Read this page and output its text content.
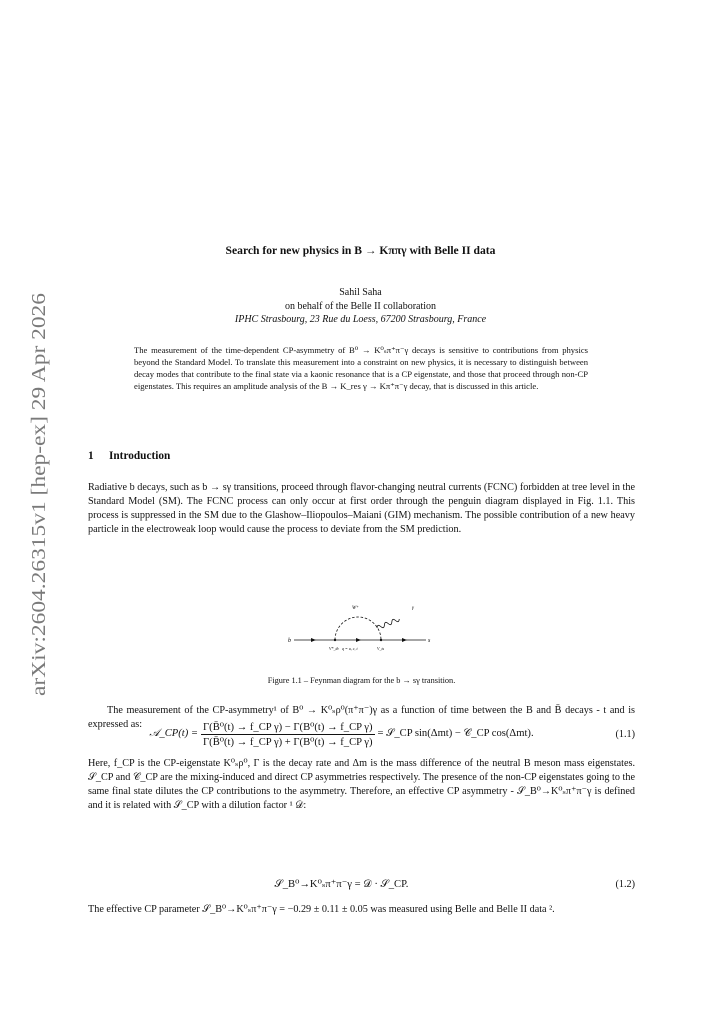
arXiv:2604.26315v1 [hep-ex] 29 Apr 2026
Search for new physics in B → Kππγ with Belle II data
Sahil Saha
on behalf of the Belle II collaboration
IPHC Strasbourg, 23 Rue du Loess, 67200 Strasbourg, France
The measurement of the time-dependent CP-asymmetry of B⁰ → K⁰ₛπ⁺π⁻γ decays is sensitive to contributions from physics beyond the Standard Model. To translate this measurement into a constraint on new physics, it is necessary to distinguish between decay modes that contribute to the final state via a kaonic resonance that is a CP eigenstate, and those that proceed through non-CP eigenstates. This requires an amplitude analysis of the B → K_res γ → Kπ⁺π⁻γ decay, that is discussed in this article.
1 Introduction
Radiative b decays, such as b → sγ transitions, proceed through flavor-changing neutral currents (FCNC) forbidden at tree level in the Standard Model (SM). The FCNC process can only occur at first order through the penguin diagram displayed in Fig. 1.1. This process is suppressed in the SM due to the Glashow–Iliopoulos–Maiani (GIM) mechanism. The possible contribution of a new heavy particle in the electroweak loop would cause the process to deviate from the SM prediction.
b	s
W⁺	γ
V*_tb q = u, c, t	V_ts
Figure 1.1 – Feynman diagram for the b → sγ transition.
The measurement of the CP-asymmetry¹ of B⁰ → K⁰ₛρ⁰(π⁺π⁻)γ as a function of time between the B and B̄ decays - t and is expressed as:
𝒜_CP(t) = $\frac{\text{Γ(B̄⁰(t) → f\_CP γ) − Γ(B⁰(t) → f\_CP γ)}}{\text{Γ(B̄⁰(t) → f\_CP γ) + Γ(B⁰(t) → f\_CP γ)}}$ = 𝒮_CP sin(Δmt) − 𝒞_CP cos(Δmt).	(1.1)
Here, f_CP is the CP-eigenstate K⁰ₛρ⁰, Γ is the decay rate and Δm is the mass difference of the neutral B meson mass eigenstates. 𝒮_CP and 𝒞_CP are the mixing-induced and direct CP asymmetries respectively. The presence of the non-CP eigenstates going to the same final state dilutes the CP contributions to the asymmetry. Therefore, an effective CP asymmetry - 𝒮_B⁰→K⁰ₛπ⁺π⁻γ is defined and it is related with 𝒮_CP with a dilution factor ¹ 𝒟:
𝒮_B⁰→K⁰ₛπ⁺π⁻γ = 𝒟 · 𝒮_CP.	(1.2)
The effective CP parameter 𝒮_B⁰→K⁰ₛπ⁺π⁻γ = −0.29 ± 0.11 ± 0.05 was measured using Belle and Belle II data ².
